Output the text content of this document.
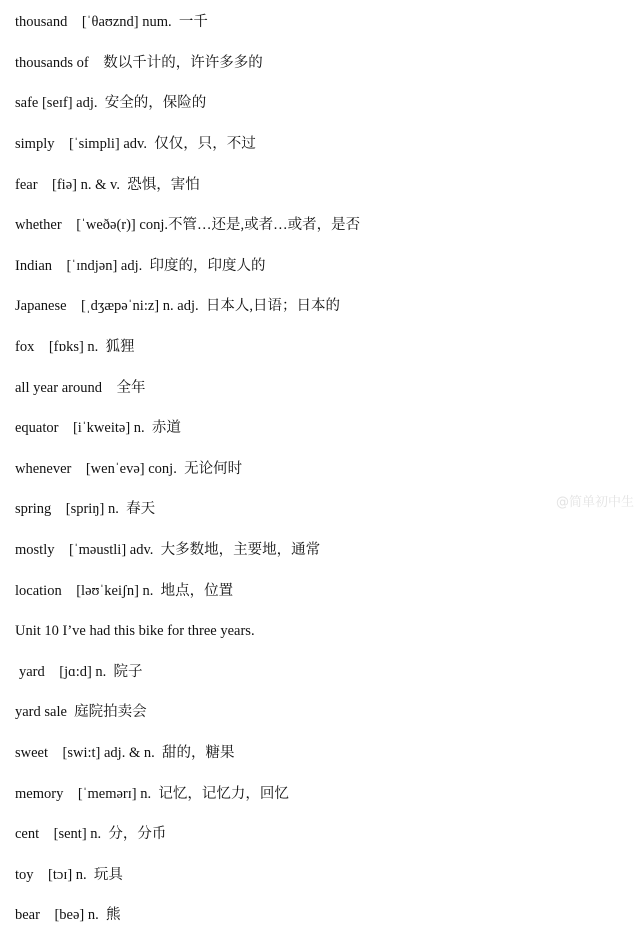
thousand    [ˈθaʊznd] num.  一千
thousands of    数以千计的，许许多多的
safe [seɪf] adj.  安全的，保险的
simply    [ˈsimpli] adv.  仅仅，只，不过
fear    [fiə] n. & v.  恐惧，害怕
whether    [ˈweðə(r)] conj.不管…还是,或者…或者，是否
Indian    [ˈɪndjən] adj.  印度的，印度人的
Japanese    [ˌdʒæpəˈni:z] n. adj.  日本人,日语；日本的
fox    [fɒks] n.  狐狸
all year around    全年
equator    [iˈkweitə] n.  赤道
whenever    [wenˈevə] conj.  无论何时
spring    [spriŋ] n.  春天
mostly    [ˈməustli] adv.  大多数地，主要地，通常
location    [ləʊˈkeiʃn] n.  地点，位置
Unit 10 I’ve had this bike for three years.
yard    [jɑ:d] n.  院子
yard sale  庭院拍卖会
sweet    [swi:t] adj. & n.  甜的，糖果
memory    [ˈmemərɪ] n.  记忆，记忆力，回忆
cent    [sent] n.  分，分币
toy    [tɔɪ] n.  玩具
bear    [beə] n.  熊
@简单初中生
